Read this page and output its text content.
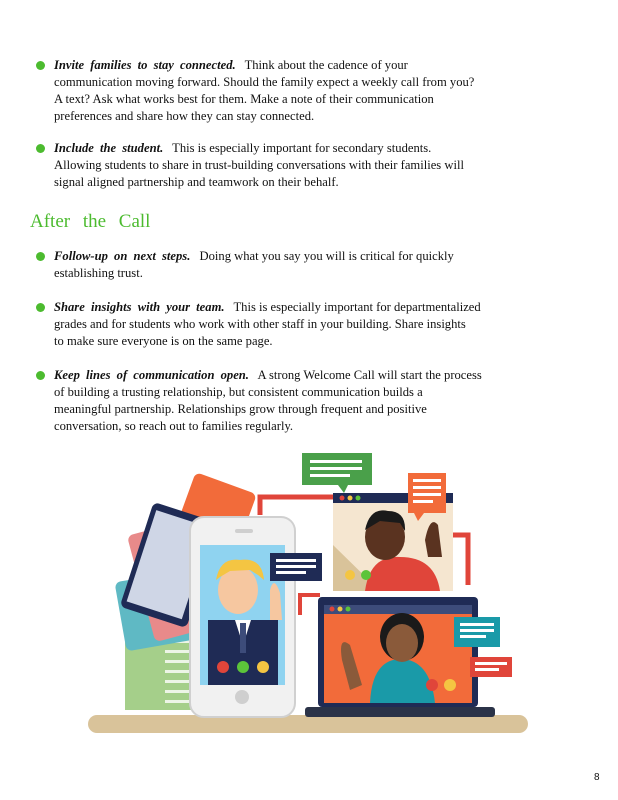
Invite families to stay connected. Think about the cadence of your
communication moving forward. Should the family expect a weekly call from you?
A text? Ask what works best for them. Make a note of their communication
preferences and share how they can stay connected.
Include the student. This is especially important for secondary students.
Allowing students to share in trust-building conversations with their families will
signal aligned partnership and teamwork on their behalf.
After the Call
Follow-up on next steps. Doing what you say you will is critical for quickly
establishing trust.
Share insights with your team. This is especially important for departmentalized
grades and for students who work with other staff in your building. Share insights
to make sure everyone is on the same page.
Keep lines of communication open. A strong Welcome Call will start the process
of building a trusting relationship, but consistent communication builds a
meaningful partnership. Relationships grow through frequent and positive
conversation, so reach out to families regularly.
8
